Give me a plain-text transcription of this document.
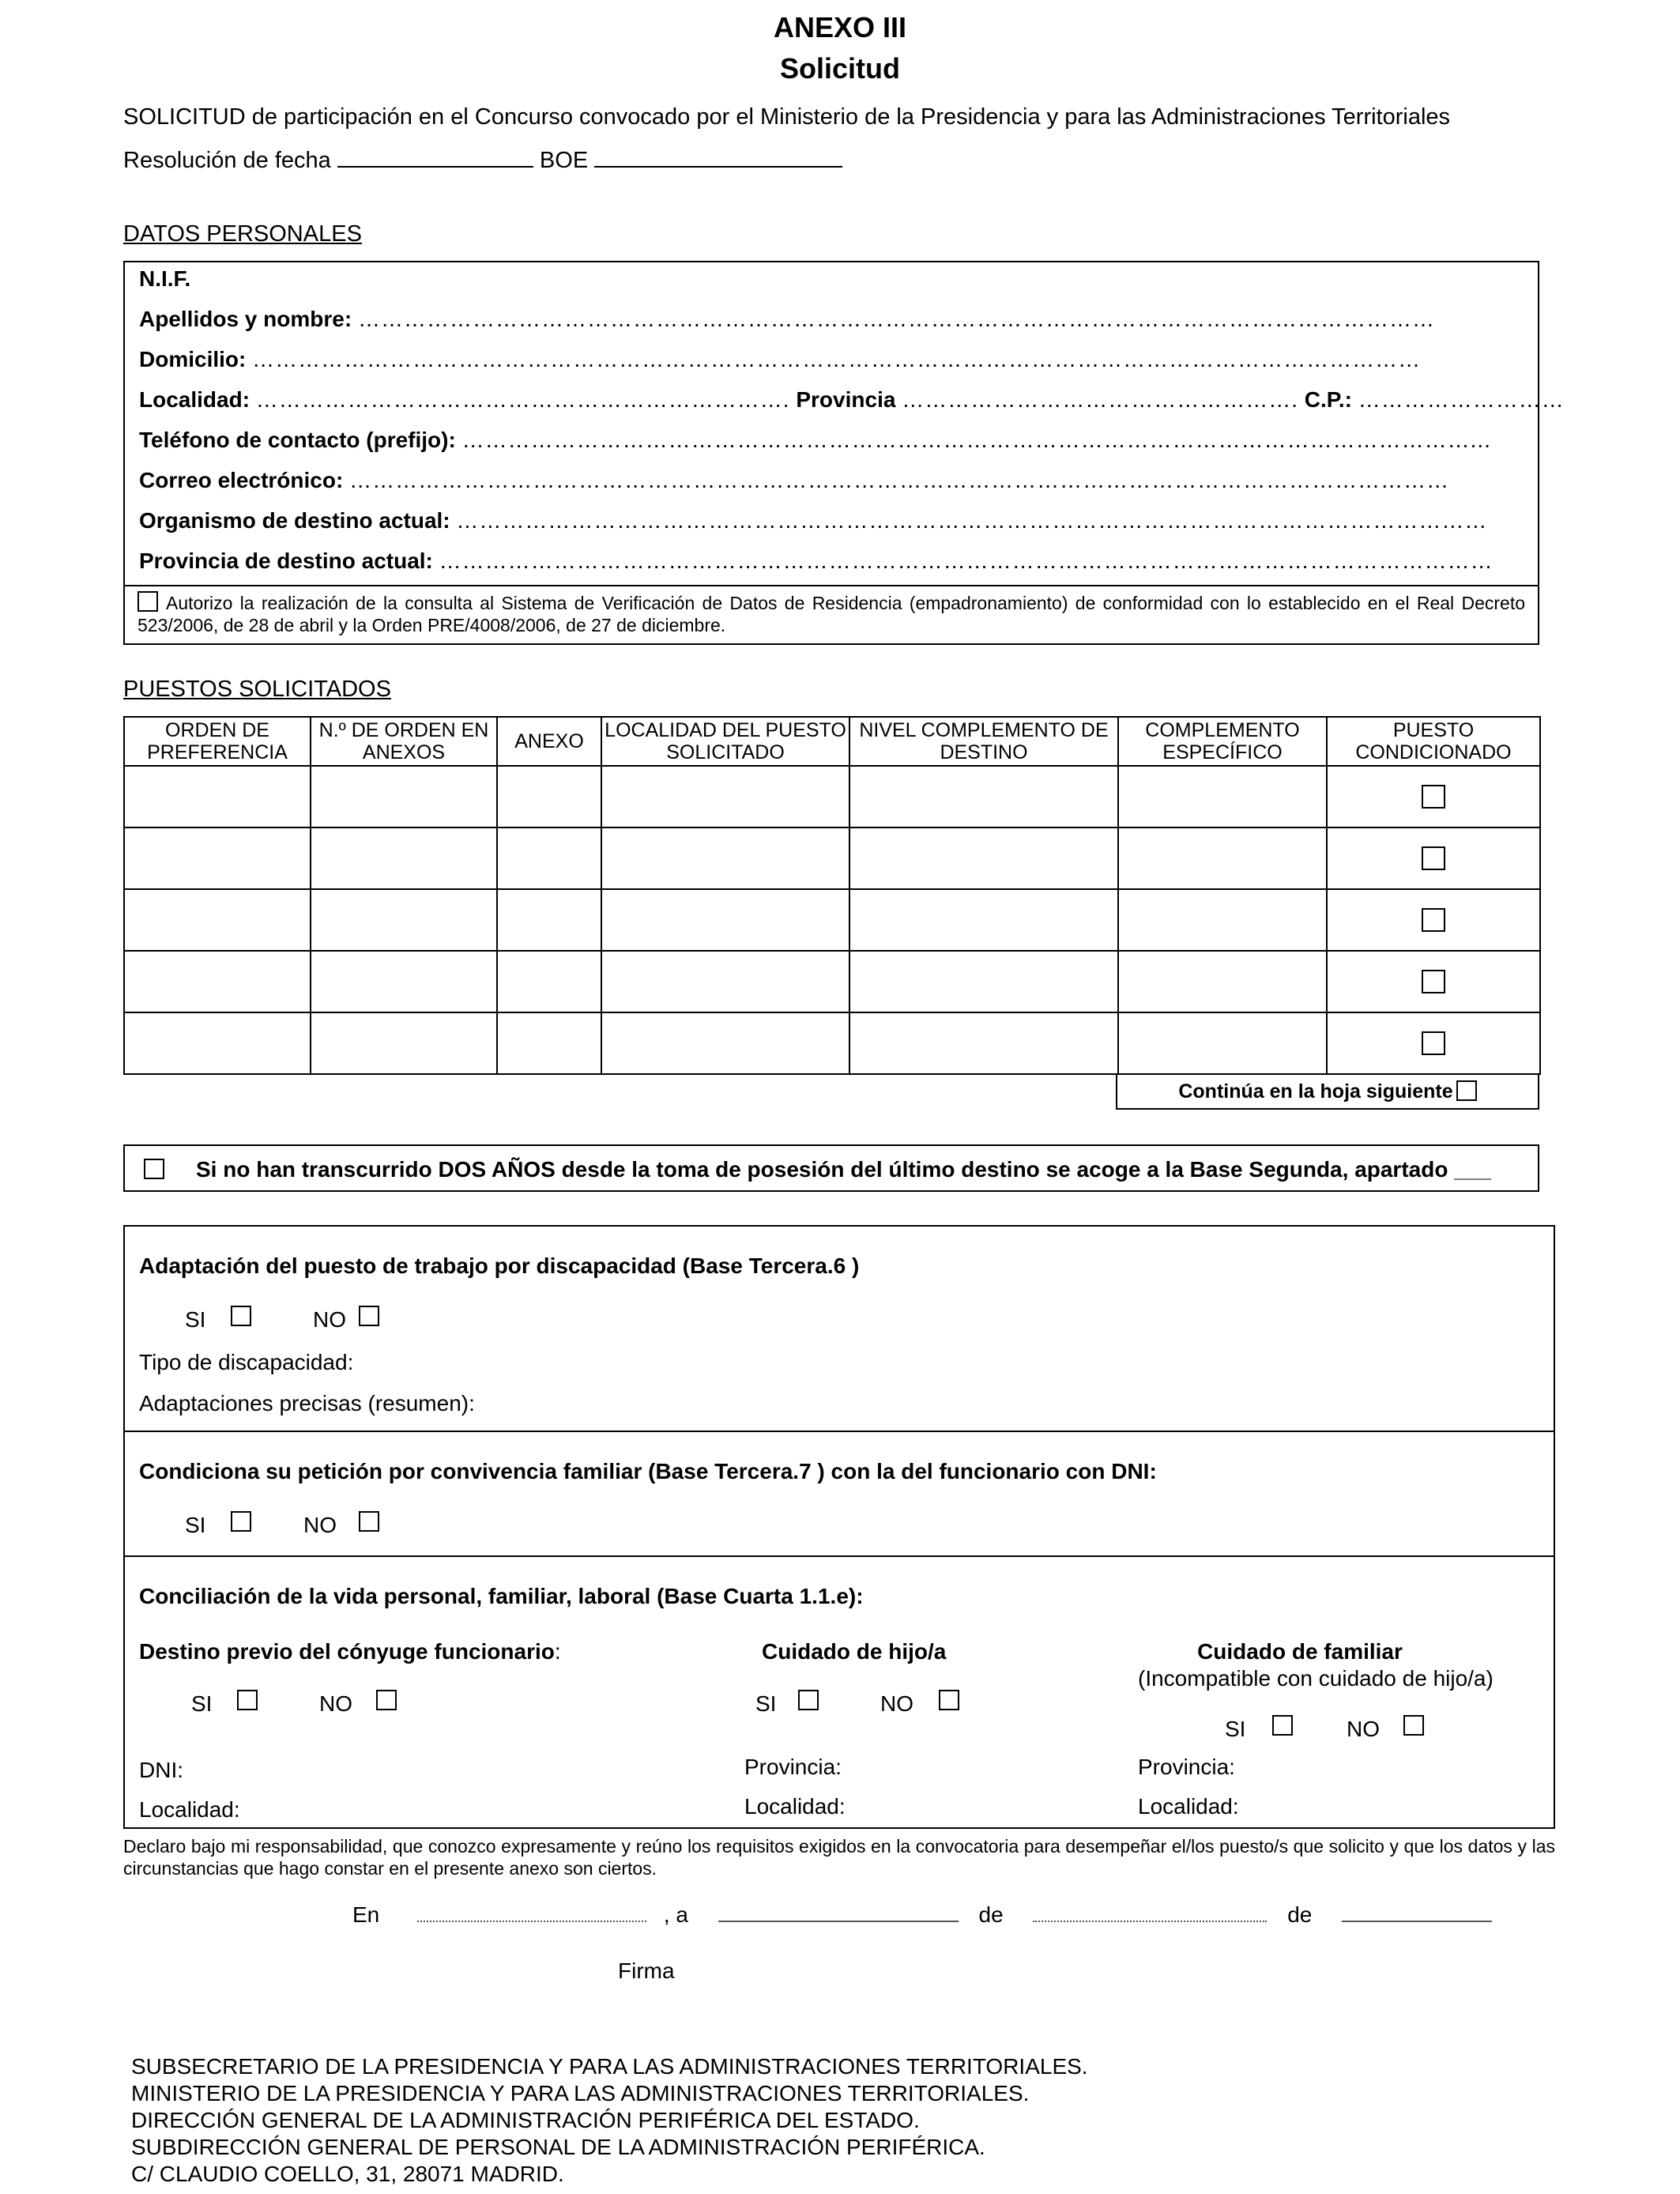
ANEXO III
Solicitud
SOLICITUD de participación en el Concurso convocado por el Ministerio de la Presidencia y para las Administraciones Territoriales
Resolución de fecha	BOE
DATOS PERSONALES
N.I.F.
Apellidos y nombre: ……………………………………………………………………………………………………………………………
Domicilio: ………………………………………………………………………………………………………………………………………
Localidad: ……………………………………………………………. Provincia ……………………………………………. C.P.: ………………………
Teléfono de contacto (prefijo): ……………………………………………………………………………………………………………………...
Correo electrónico: ………………………………………………………………………………………………………………………………
Organismo de destino actual: ………………………………………………………………………………………………………………………
Provincia de destino actual: …………………………………………………………………………………………………………………………
Autorizo la realización de la consulta al Sistema de Verificación de Datos de Residencia (empadronamiento) de conformidad con lo establecido en el Real Decreto 523/2006, de 28 de abril y la Orden PRE/4008/2006, de 27 de diciembre.
PUESTOS SOLICITADOS
ORDEN DE PREFERENCIA	N.º DE ORDEN EN ANEXOS	ANEXO	LOCALIDAD DEL PUESTO SOLICITADO	NIVEL COMPLEMENTO DE DESTINO	COMPLEMENTO ESPECÍFICO	PUESTO CONDICIONADO

Continúa en la hoja siguiente
Si no han transcurrido DOS AÑOS desde la toma de posesión del último destino se acoge a la Base Segunda, apartado ___
Adaptación del puesto de trabajo por discapacidad (Base Tercera.6 )
SI	NO
Tipo de discapacidad:
Adaptaciones precisas (resumen):
Condiciona su petición por convivencia familiar (Base Tercera.7 ) con la del funcionario con DNI:
SI	NO
Conciliación de la vida personal, familiar, laboral (Base Cuarta 1.1.e):
Destino previo del cónyuge funcionario:
SI	NO
DNI:
Localidad:
Cuidado de hijo/a
SI	NO
Provincia:
Localidad:
Cuidado de familiar
(Incompatible con cuidado de hijo/a)
SI	NO
Provincia:
Localidad:
Declaro bajo mi responsabilidad, que conozco expresamente y reúno los requisitos exigidos en la convocatoria para desempeñar el/los puesto/s que solicito y que los datos y las circunstancias que hago constar en el presente anexo son ciertos.
En	, a	de	de
Firma
SUBSECRETARIO DE LA PRESIDENCIA Y PARA LAS ADMINISTRACIONES TERRITORIALES.
MINISTERIO DE LA PRESIDENCIA Y PARA LAS ADMINISTRACIONES TERRITORIALES.
DIRECCIÓN GENERAL DE LA ADMINISTRACIÓN PERIFÉRICA DEL ESTADO.
SUBDIRECCIÓN GENERAL DE PERSONAL DE LA ADMINISTRACIÓN PERIFÉRICA.
C/ CLAUDIO COELLO, 31, 28071 MADRID.
